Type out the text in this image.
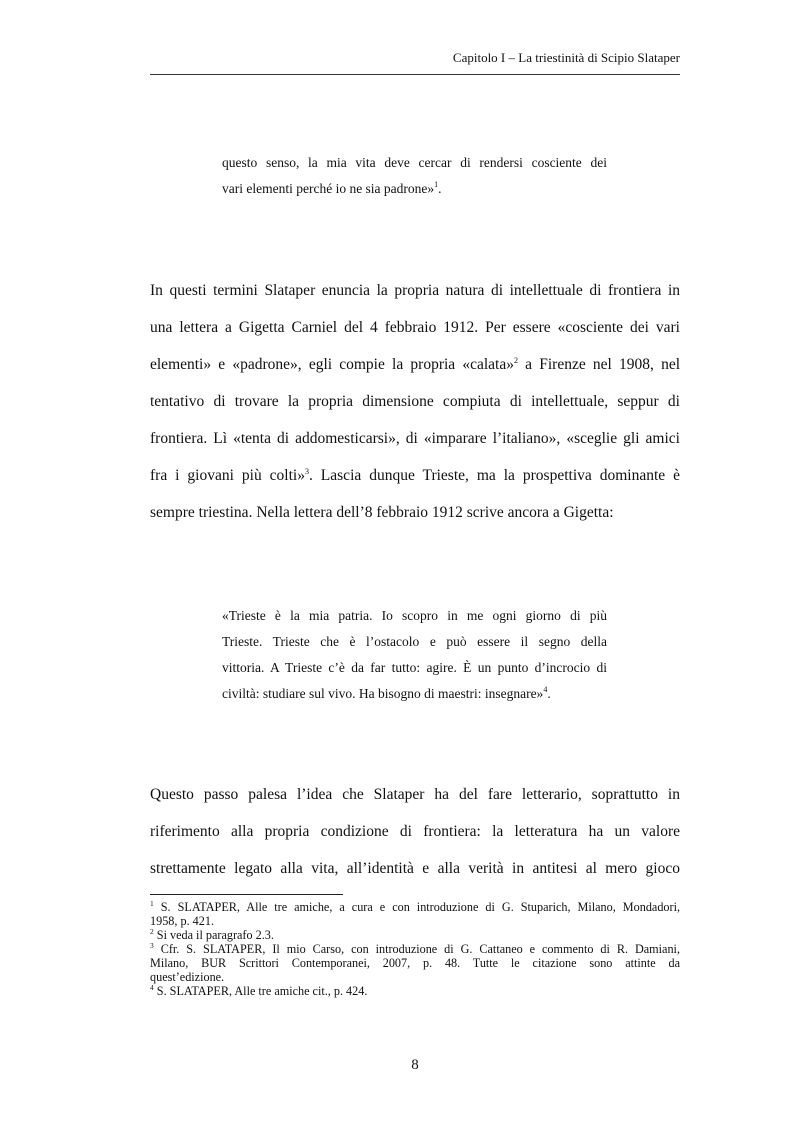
Capitolo I – La triestinità di Scipio Slataper
questo senso, la mia vita deve cercar di rendersi cosciente dei
vari elementi perché io ne sia padrone»$^1$.
In questi termini Slataper enuncia la propria natura di intellettuale di frontiera in
una lettera a Gigetta Carniel del 4 febbraio 1912. Per essere «cosciente dei vari
elementi» e «padrone», egli compie la propria «calata»$^2$ a Firenze nel 1908, nel
tentativo di trovare la propria dimensione compiuta di intellettuale, seppur di
frontiera. Lì «tenta di addomesticarsi», di «imparare l’italiano», «sceglie gli amici
fra i giovani più colti»$^3$. Lascia dunque Trieste, ma la prospettiva dominante è
sempre triestina. Nella lettera dell’8 febbraio 1912 scrive ancora a Gigetta:
«Trieste è la mia patria. Io scopro in me ogni giorno di più
Trieste. Trieste che è l’ostacolo e può essere il segno della
vittoria. A Trieste c’è da far tutto: agire. È un punto d’incrocio di
civiltà: studiare sul vivo. Ha bisogno di maestri: insegnare»$^4$.
Questo passo palesa l’idea che Slataper ha del fare letterario, soprattutto in
riferimento alla propria condizione di frontiera: la letteratura ha un valore
strettamente legato alla vita, all’identità e alla verità in antitesi al mero gioco
$^1$ S. SLATAPER, Alle tre amiche, a cura e con introduzione di G. Stuparich, Milano, Mondadori,
1958, p. 421.
$^2$ Si veda il paragrafo 2.3.
$^3$ Cfr. S. SLATAPER, Il mio Carso, con introduzione di G. Cattaneo e commento di R. Damiani,
Milano, BUR Scrittori Contemporanei, 2007, p. 48. Tutte le citazione sono attinte da
quest’edizione.
$^4$ S. SLATAPER, Alle tre amiche cit., p. 424.
8
